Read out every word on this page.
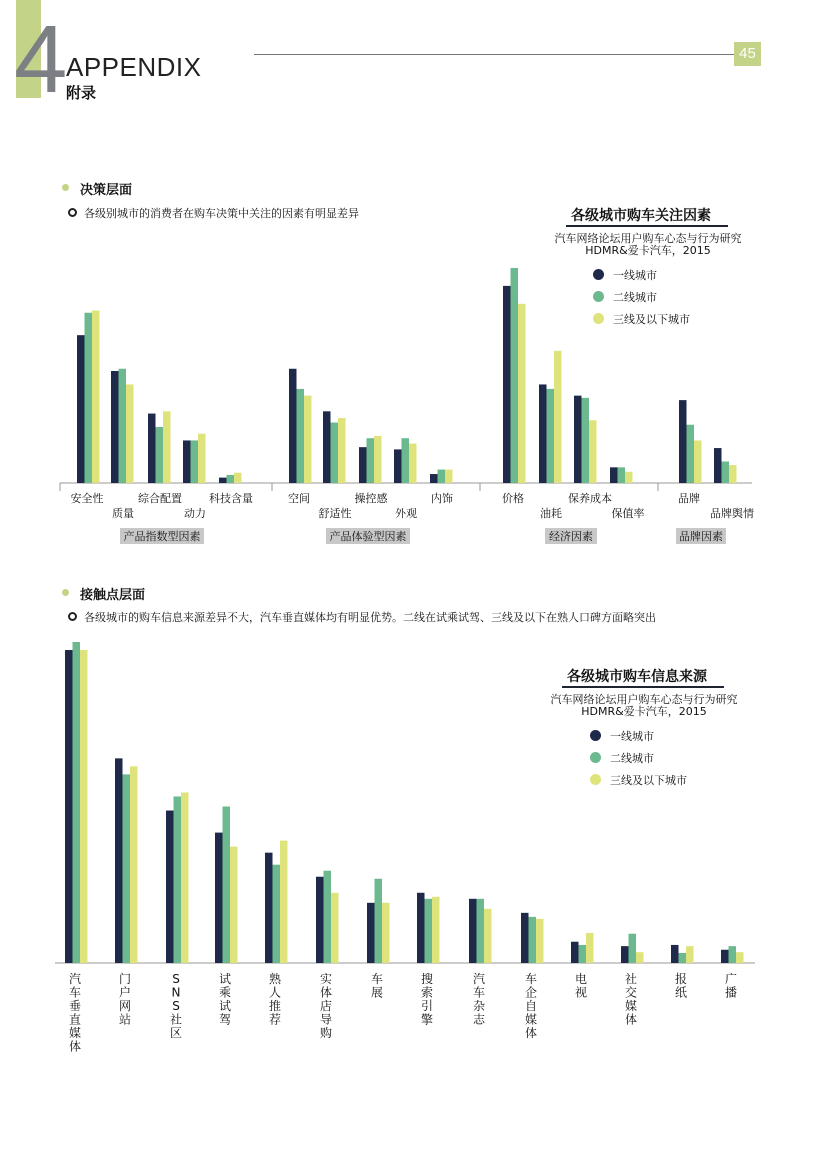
4
APPENDIX
附录
45
决策层面
各级别城市的消费者在购车决策中关注的因素有明显差异	各级城市购车关注因素
汽车网络论坛用户购车心态与行为研究
HDMR&爱卡汽车，2015
一线城市
二线城市
三线及以下城市
安全性
质量
综合配置
动力
科技含量	空间
舒适性
操控感
外观
内饰	价格
油耗
保养成本
保值率
品牌
品牌舆情
产品指数型因素	产品体验型因素	经济因素	品牌因素
接触点层面
各级城市的购车信息来源差异不大，汽车垂直媒体均有明显优势。二线在试乘试驾、三线及以下在熟人口碑方面略突出
各级城市购车信息来源
汽车网络论坛用户购车心态与行为研究
HDMR&爱卡汽车，2015
一线城市
二线城市
三线及以下城市
汽车垂直媒体
门户网站
S N S 社区
试乘试驾
熟人推荐
实体店导购
车展
搜索引擎
汽车杂志
车企自媒体
电视
社交媒体
报纸
广播
